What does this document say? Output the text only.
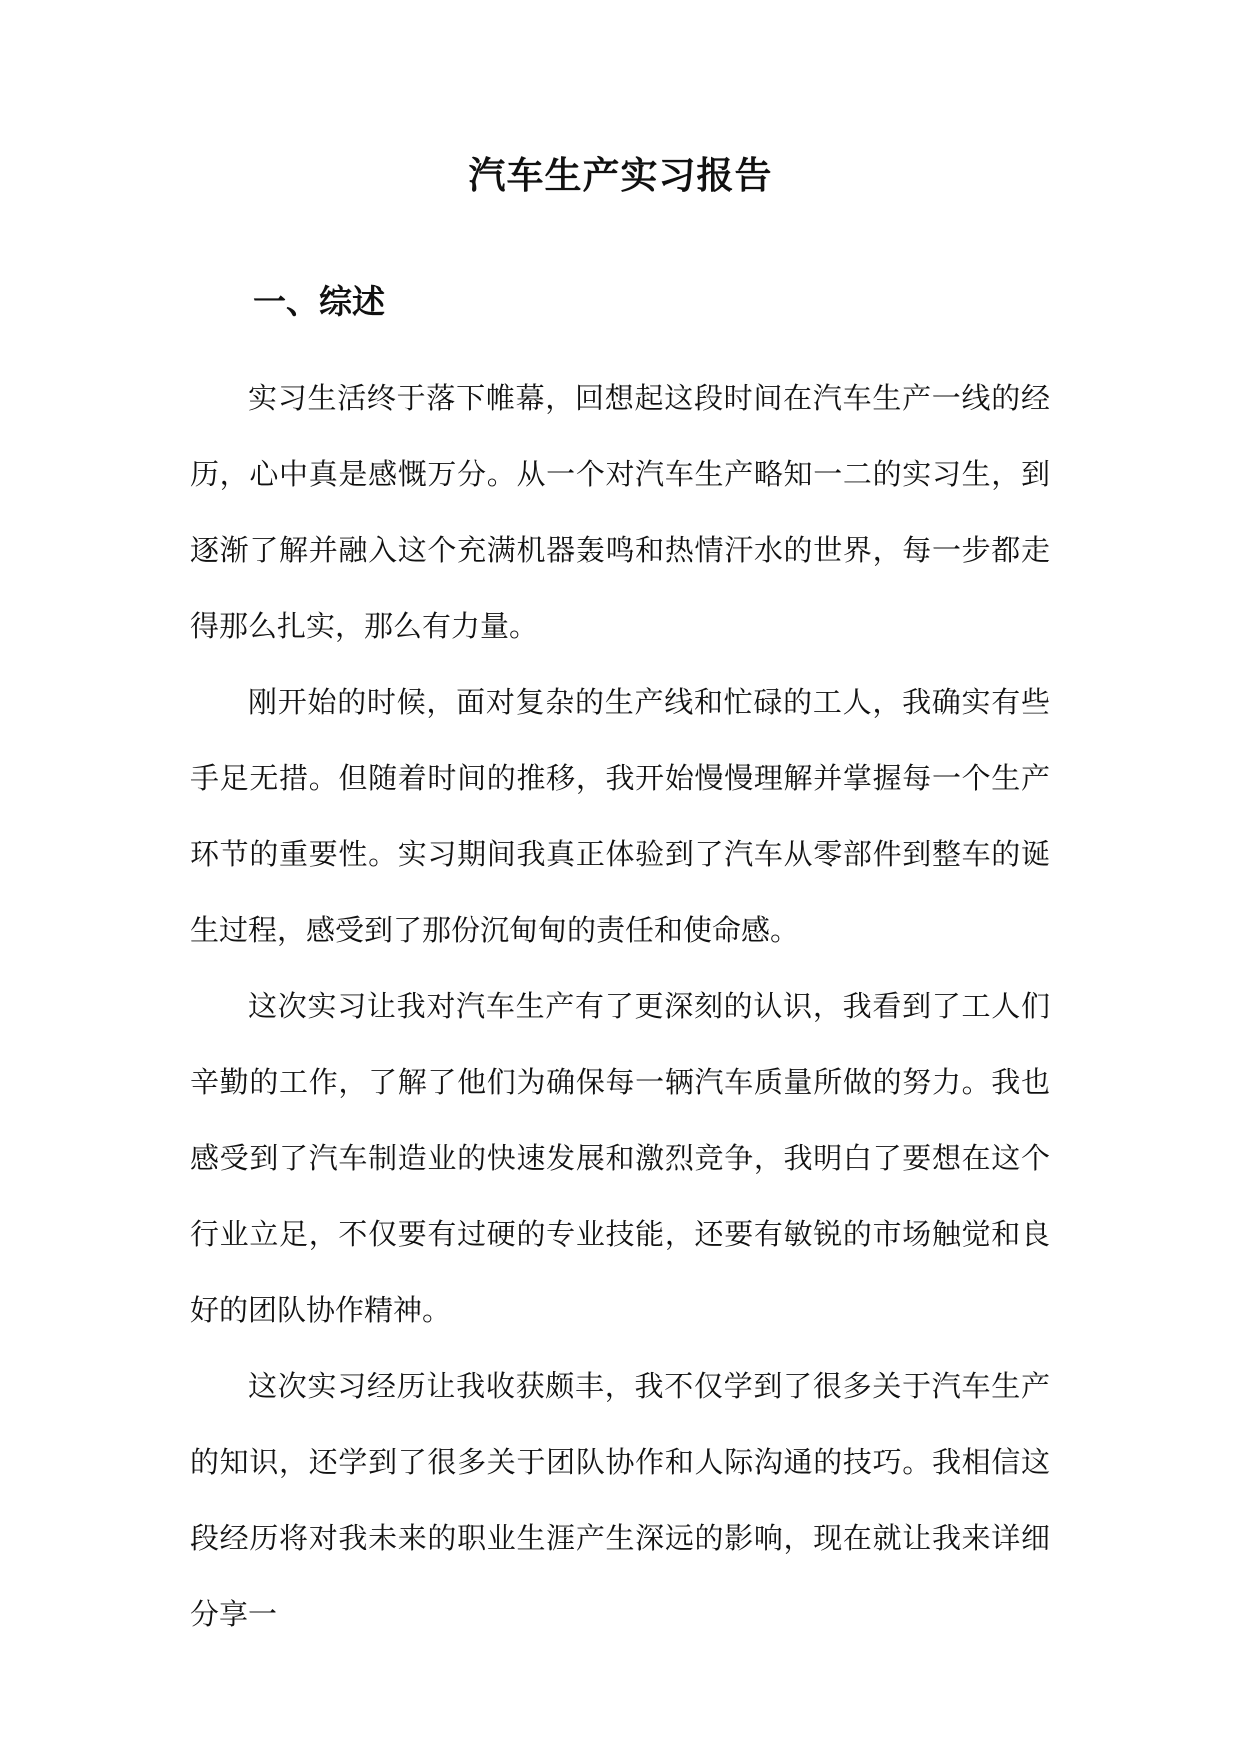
汽车生产实习报告
一、综述

实习生活终于落下帷幕，回想起这段时间在汽车生产一线的经历，心中真是感慨万分。从一个对汽车生产略知一二的实习生，到逐渐了解并融入这个充满机器轰鸣和热情汗水的世界，每一步都走得那么扎实，那么有力量。

刚开始的时候，面对复杂的生产线和忙碌的工人，我确实有些手足无措。但随着时间的推移，我开始慢慢理解并掌握每一个生产环节的重要性。实习期间我真正体验到了汽车从零部件到整车的诞生过程，感受到了那份沉甸甸的责任和使命感。

这次实习让我对汽车生产有了更深刻的认识，我看到了工人们辛勤的工作，了解了他们为确保每一辆汽车质量所做的努力。我也感受到了汽车制造业的快速发展和激烈竞争，我明白了要想在这个行业立足，不仅要有过硬的专业技能，还要有敏锐的市场触觉和良好的团队协作精神。

这次实习经历让我收获颇丰，我不仅学到了很多关于汽车生产的知识，还学到了很多关于团队协作和人际沟通的技巧。我相信这段经历将对我未来的职业生涯产生深远的影响，现在就让我来详细分享一
